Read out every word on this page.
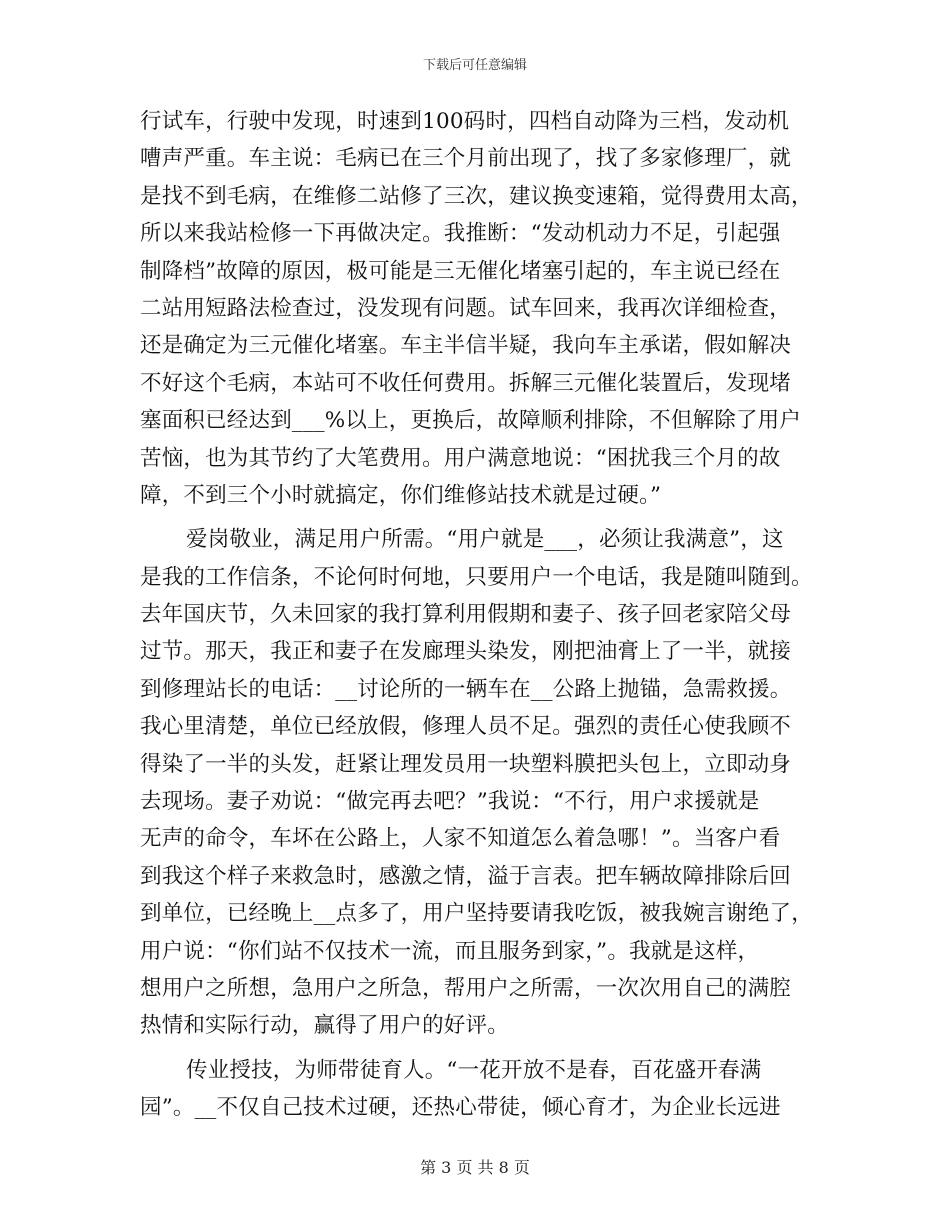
下载后可任意编辑
行试车，行驶中发现，时速到100码时，四档自动降为三档，发动机
嘈声严重。车主说：毛病已在三个月前出现了，找了多家修理厂，就
是找不到毛病，在维修二站修了三次，建议换变速箱，觉得费用太高，
所以来我站检修一下再做决定。我推断：“发动机动力不足，引起强
制降档”故障的原因，极可能是三无催化堵塞引起的，车主说已经在
二站用短路法检查过，没发现有问题。试车回来，我再次详细检查，
还是确定为三元催化堵塞。车主半信半疑，我向车主承诺，假如解决
不好这个毛病，本站可不收任何费用。拆解三元催化装置后，发现堵
塞面积已经达到___%以上，更换后，故障顺利排除，不但解除了用户
苦恼，也为其节约了大笔费用。用户满意地说：“困扰我三个月的故
障，不到三个小时就搞定，你们维修站技术就是过硬。”
爱岗敬业，满足用户所需。“用户就是___，必须让我满意”，这
是我的工作信条，不论何时何地，只要用户一个电话，我是随叫随到。
去年国庆节，久未回家的我打算利用假期和妻子、孩子回老家陪父母
过节。那天，我正和妻子在发廊理头染发，刚把油膏上了一半，就接
到修理站长的电话：__讨论所的一辆车在__公路上抛锚，急需救援。
我心里清楚，单位已经放假，修理人员不足。强烈的责任心使我顾不
得染了一半的头发，赶紧让理发员用一块塑料膜把头包上，立即动身
去现场。妻子劝说：“做完再去吧？”我说：“不行，用户求援就是
无声的命令，车坏在公路上，人家不知道怎么着急哪！”。当客户看
到我这个样子来救急时，感激之情，溢于言表。把车辆故障排除后回
到单位，已经晚上__点多了，用户坚持要请我吃饭，被我婉言谢绝了，
用户说：“你们站不仅技术一流，而且服务到家，”。我就是这样，
想用户之所想，急用户之所急，帮用户之所需，一次次用自己的满腔
热情和实际行动，赢得了用户的好评。
传业授技，为师带徒育人。“一花开放不是春，百花盛开春满
园”。__不仅自己技术过硬，还热心带徒，倾心育才，为企业长远进
第 3 页 共 8 页
